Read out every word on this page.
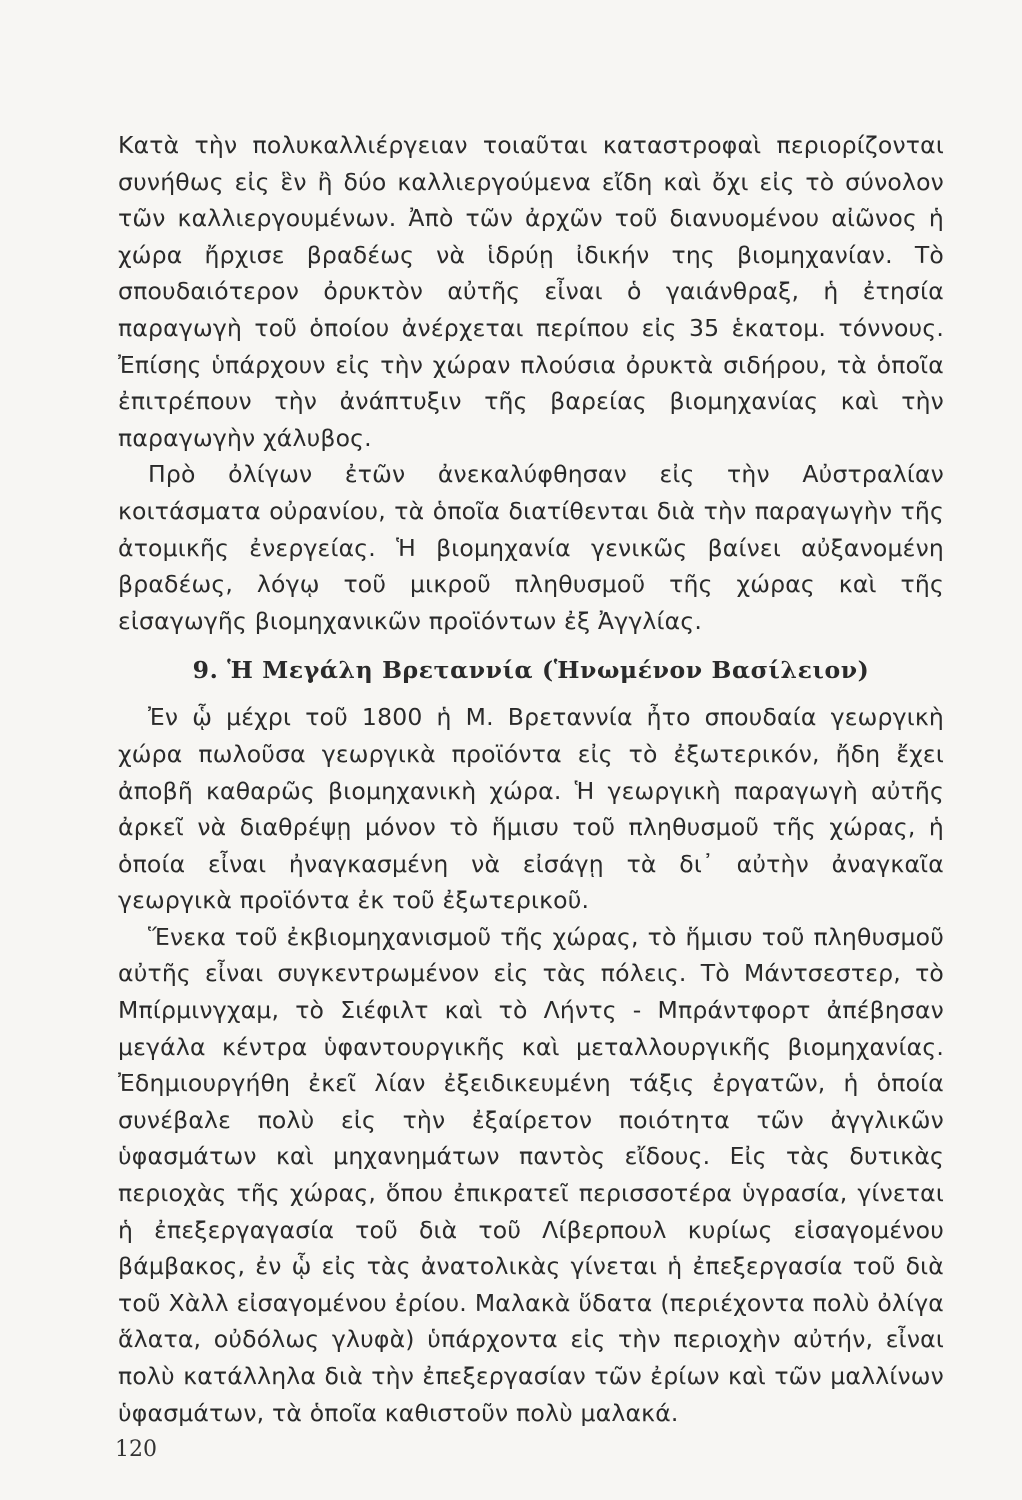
Κατὰ τὴν πολυκαλλιέργειαν τοιαῦται καταστροφαὶ περιορίζονται συνήθως εἰς ἓν ἢ δύο καλλιεργούμενα εἴδη καὶ ὄχι εἰς τὸ σύνολον τῶν καλλιεργουμένων. Ἀπὸ τῶν ἀρχῶν τοῦ διανυομένου αἰῶνος ἡ χώρα ἤρχισε βραδέως νὰ ἱδρύῃ ἰδικήν της βιομηχανίαν. Τὸ σπουδαιότερον ὀρυκτὸν αὐτῆς εἶναι ὁ γαιάνθραξ, ἡ ἐτησία παραγωγὴ τοῦ ὁποίου ἀνέρχεται περίπου εἰς 35 ἑκατομ. τόννους. Ἐπίσης ὑπάρχουν εἰς τὴν χώραν πλούσια ὀρυκτὰ σιδήρου, τὰ ὁποῖα ἐπιτρέπουν τὴν ἀνάπτυξιν τῆς βαρείας βιομηχανίας καὶ τὴν παραγωγὴν χάλυβος.

Πρὸ ὀλίγων ἐτῶν ἀνεκαλύφθησαν εἰς τὴν Αὐστραλίαν κοιτάσματα οὐρανίου, τὰ ὁποῖα διατίθενται διὰ τὴν παραγωγὴν τῆς ἀτομικῆς ἐνεργείας. Ἡ βιομηχανία γενικῶς βαίνει αὐξανομένη βραδέως, λόγῳ τοῦ μικροῦ πληθυσμοῦ τῆς χώρας καὶ τῆς εἰσαγωγῆς βιομηχανικῶν προϊόντων ἐξ Ἀγγλίας.

9. Ἡ Μεγάλη Βρεταννία (Ἡνωμένον Βασίλειον)

Ἐν ᾧ μέχρι τοῦ 1800 ἡ Μ. Βρεταννία ἦτο σπουδαία γεωργικὴ χώρα πωλοῦσα γεωργικὰ προϊόντα εἰς τὸ ἐξωτερικόν, ἤδη ἔχει ἀποβῆ καθαρῶς βιομηχανικὴ χώρα. Ἡ γεωργικὴ παραγωγὴ αὐτῆς ἀρκεῖ νὰ διαθρέψῃ μόνον τὸ ἥμισυ τοῦ πληθυσμοῦ τῆς χώρας, ἡ ὁποία εἶναι ἠναγκασμένη νὰ εἰσάγῃ τὰ δι᾽ αὐτὴν ἀναγκαῖα γεωργικὰ προϊόντα ἐκ τοῦ ἐξωτερικοῦ.

Ἕνεκα τοῦ ἐκβιομηχανισμοῦ τῆς χώρας, τὸ ἥμισυ τοῦ πληθυσμοῦ αὐτῆς εἶναι συγκεντρωμένον εἰς τὰς πόλεις. Τὸ Μάντσεστερ, τὸ Μπίρμινγχαμ, τὸ Σιέφιλτ καὶ τὸ Λήντς - Μπράντφορτ ἀπέβησαν μεγάλα κέντρα ὑφαντουργικῆς καὶ μεταλλουργικῆς βιομηχανίας. Ἐδημιουργήθη ἐκεῖ λίαν ἐξειδικευμένη τάξις ἐργατῶν, ἡ ὁποία συνέβαλε πολὺ εἰς τὴν ἐξαίρετον ποιότητα τῶν ἀγγλικῶν ὑφασμάτων καὶ μηχανημάτων παντὸς εἴδους. Εἰς τὰς δυτικὰς περιοχὰς τῆς χώρας, ὅπου ἐπικρατεῖ περισσοτέρα ὑγρασία, γίνεται ἡ ἐπεξεργαγασία τοῦ διὰ τοῦ Λίβερπουλ κυρίως εἰσαγομένου βάμβακος, ἐν ᾧ εἰς τὰς ἀνατολικὰς γίνεται ἡ ἐπεξεργασία τοῦ διὰ τοῦ Χὰλλ εἰσαγομένου ἐρίου. Μαλακὰ ὕδατα (περιέχοντα πολὺ ὀλίγα ἅλατα, οὐδόλως γλυφὰ) ὑπάρχοντα εἰς τὴν περιοχὴν αὐτήν, εἶναι πολὺ κατάλληλα διὰ τὴν ἐπεξεργασίαν τῶν ἐρίων καὶ τῶν μαλλίνων ὑφασμάτων, τὰ ὁποῖα καθιστοῦν πολὺ μαλακά.

120
